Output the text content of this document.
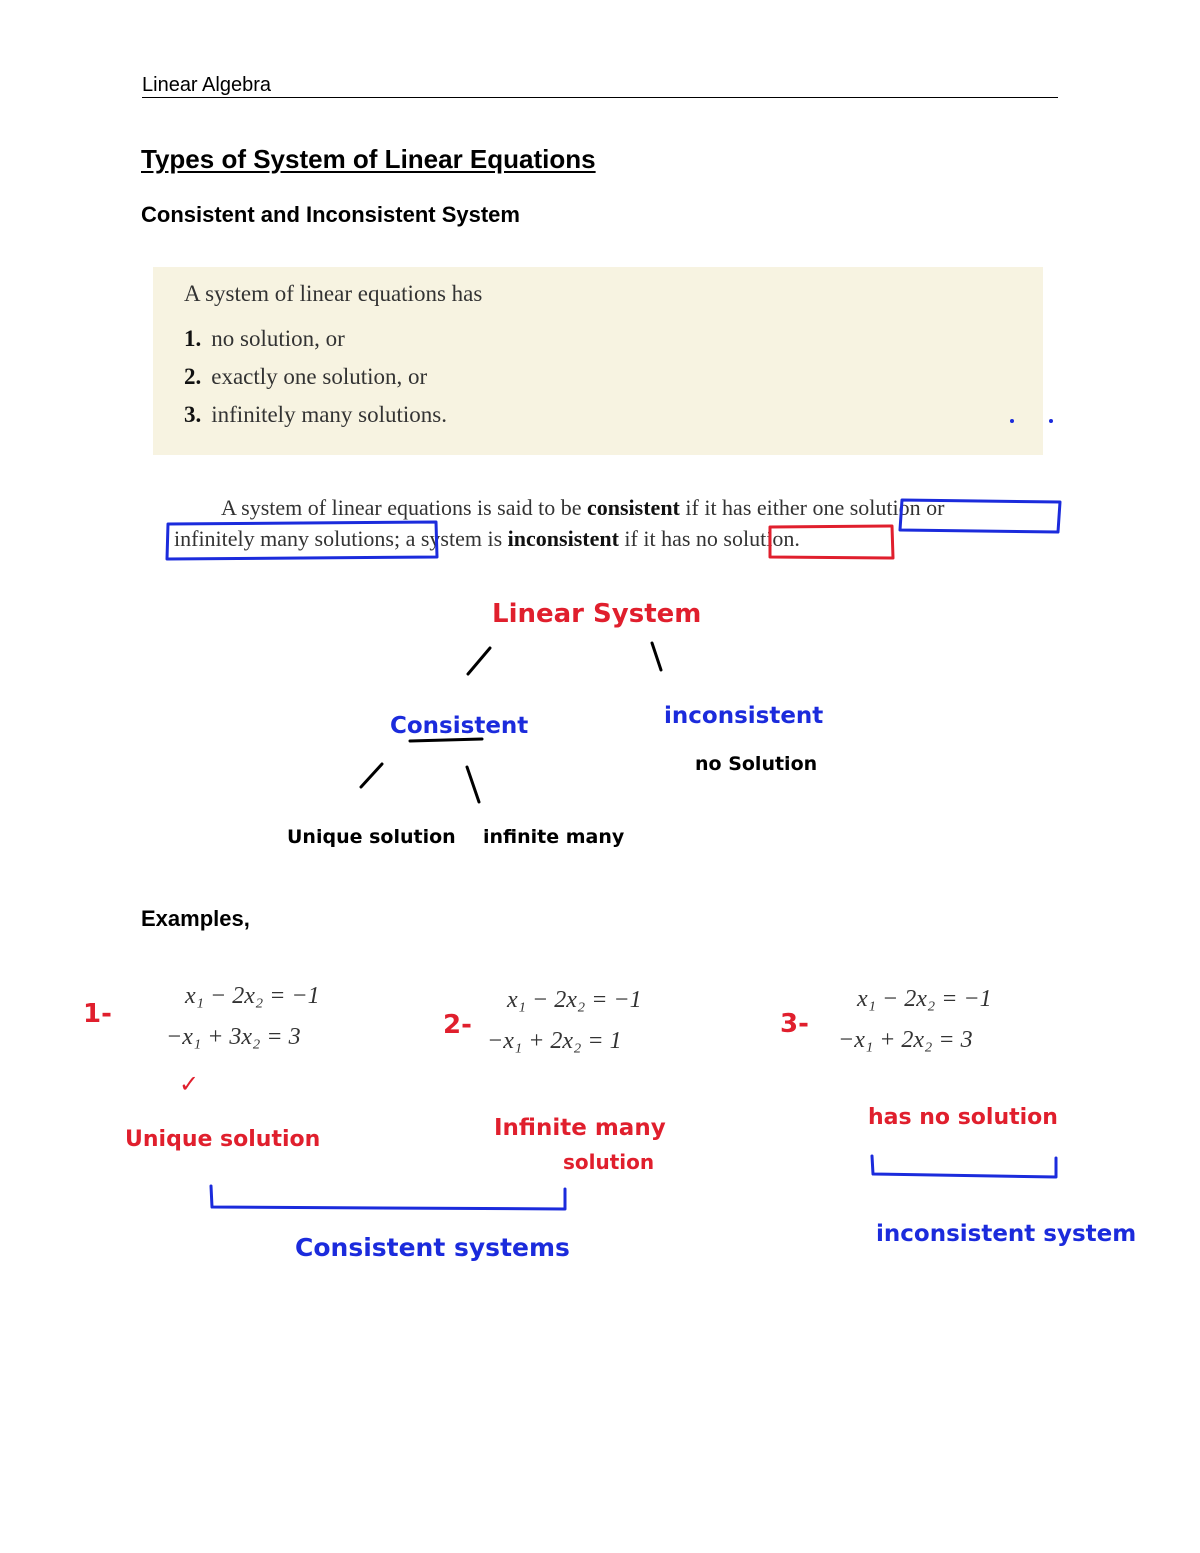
Linear Algebra
Types of System of Linear Equations
Consistent and Inconsistent System
A system of linear equations has
1. no solution, or
2. exactly one solution, or
3. infinitely many solutions.
A system of linear equations is said to be consistent if it has either one solution or
infinitely many solutions; a system is inconsistent if it has no solution.
Examples,
x₁ − 2x₂ = −1
−x₁ + 3x₂ = 3
x₁ − 2x₂ = −1
−x₁ + 2x₂ = 1
x₁ − 2x₂ = −1
−x₁ + 2x₂ = 3
Linear System
Consistent	inconsistent
no Solution
Unique solution infinite many
1-	2-	3-
✓
Unique solution	Infinite many
solution
has no solution
Consistent systems	inconsistent system
